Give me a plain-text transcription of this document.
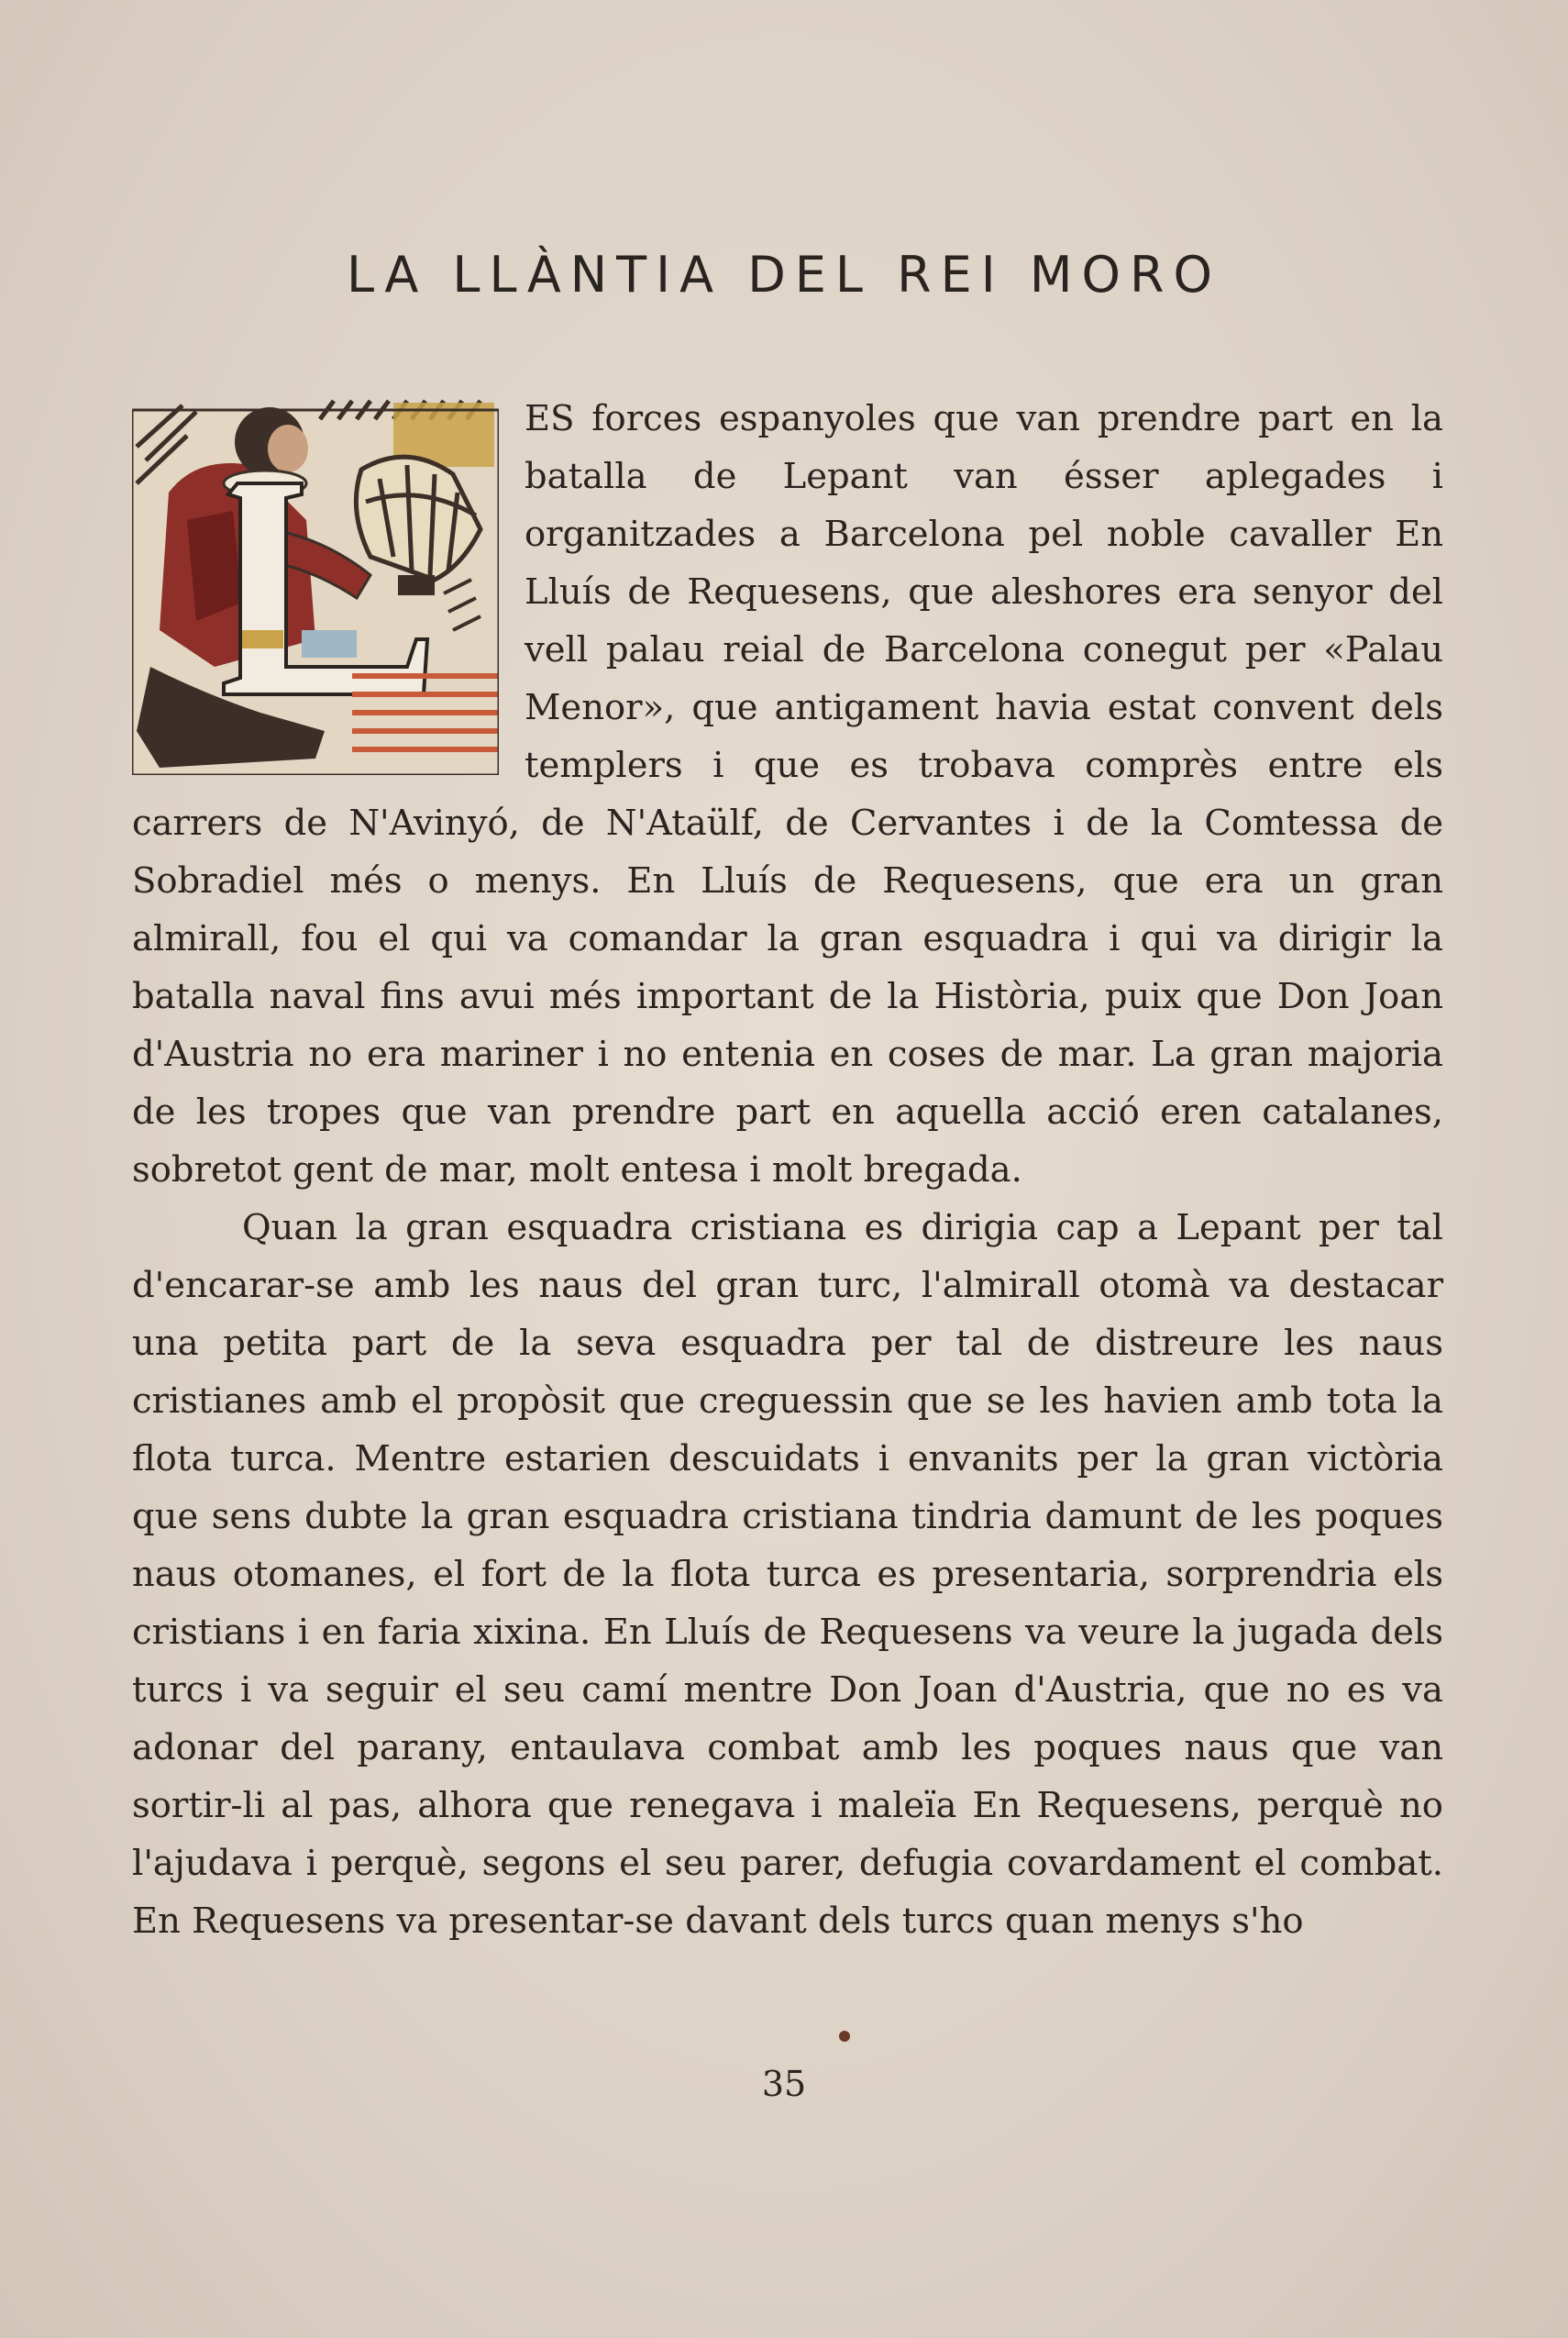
LA LLÀNTIA DEL REI MORO

ES forces espanyoles que van prendre part en la batalla de Lepant van ésser aplegades i organitzades a Barcelona pel noble cavaller En Lluís de Requesens, que aleshores era senyor del vell palau reial de Barcelona conegut per «Palau Menor», que antigament havia estat convent dels templers i que es trobava comprès entre els carrers de N'Avinyó, de N'Ataülf, de Cervantes i de la Comtessa de Sobradiel més o menys. En Lluís de Requesens, que era un gran almirall, fou el qui va comandar la gran esquadra i qui va dirigir la batalla naval fins avui més important de la Història, puix que Don Joan d'Austria no era mariner i no entenia en coses de mar. La gran majoria de les tropes que van prendre part en aquella acció eren catalanes, sobretot gent de mar, molt entesa i molt bregada.

Quan la gran esquadra cristiana es dirigia cap a Lepant per tal d'encarar-se amb les naus del gran turc, l'almirall otomà va destacar una petita part de la seva esquadra per tal de distreure les naus cristianes amb el propòsit que creguessin que se les havien amb tota la flota turca. Mentre estarien descuidats i envanits per la gran victòria que sens dubte la gran esquadra cristiana tindria damunt de les poques naus otomanes, el fort de la flota turca es presentaria, sorprendria els cristians i en faria xixina. En Lluís de Requesens va veure la jugada dels turcs i va seguir el seu camí mentre Don Joan d'Austria, que no es va adonar del parany, entaulava combat amb les poques naus que van sortir-li al pas, alhora que renegava i maleïa En Requesens, perquè no l'ajudava i perquè, segons el seu parer, defugia covardament el combat. En Requesens va presentar-se davant dels turcs quan menys s'ho

35
